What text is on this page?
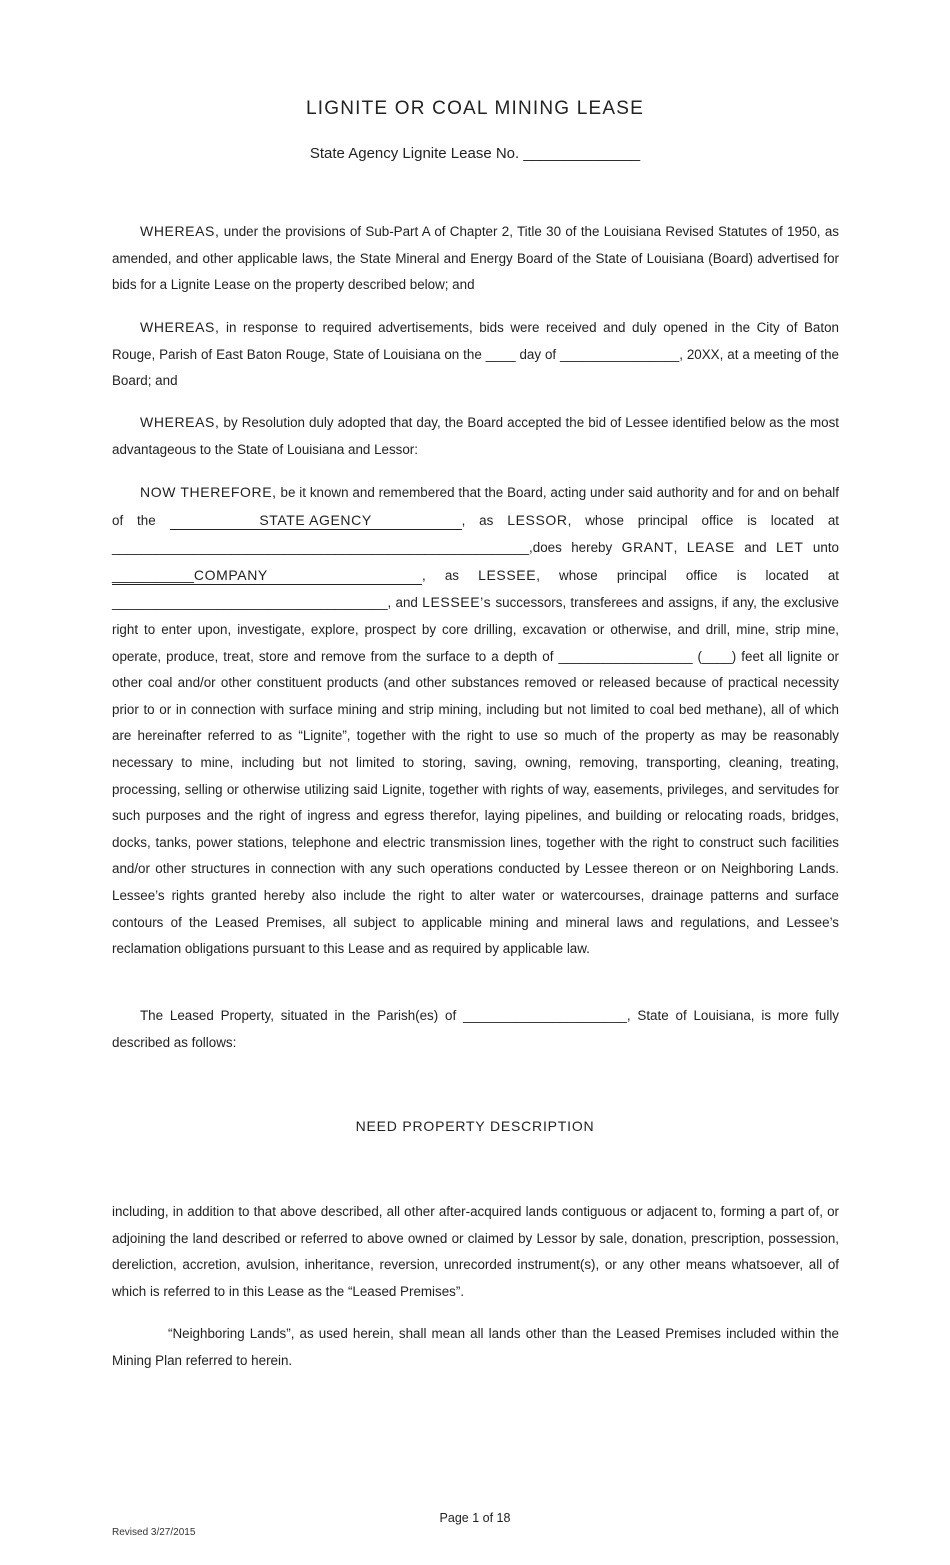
LIGNITE OR COAL MINING LEASE
State Agency Lignite Lease No. ______________

WHEREAS, under the provisions of Sub-Part A of Chapter 2, Title 30 of the Louisiana Revised Statutes of 1950, as amended, and other applicable laws, the State Mineral and Energy Board of the State of Louisiana (Board) advertised for bids for a Lignite Lease on the property described below; and

WHEREAS, in response to required advertisements, bids were received and duly opened in the City of Baton Rouge, Parish of East Baton Rouge, State of Louisiana on the ____ day of ________________, 20XX, at a meeting of the Board; and

WHEREAS, by Resolution duly adopted that day, the Board accepted the bid of Lessee identified below as the most advantageous to the State of Louisiana and Lessor:

NOW THEREFORE, be it known and remembered that the Board, acting under said authority and for and on behalf of the	STATE AGENCY	, as LESSOR, whose principal office is located at ________________________________________________________,does hereby GRANT, LEASE and LET unto ___________COMPANY	, as LESSEE, whose principal office is located at _____________________________________, and LESSEE’s successors, transferees and assigns, if any, the exclusive right to enter upon, investigate, explore, prospect by core drilling, excavation or otherwise, and drill, mine, strip mine, operate, produce, treat, store and remove from the surface to a depth of __________________ (____) feet all lignite or other coal and/or other constituent products (and other substances removed or released because of practical necessity prior to or in connection with surface mining and strip mining, including but not limited to coal bed methane), all of which are hereinafter referred to as “Lignite”, together with the right to use so much of the property as may be reasonably necessary to mine, including but not limited to storing, saving, owning, removing, transporting, cleaning, treating, processing, selling or otherwise utilizing said Lignite, together with rights of way, easements, privileges, and servitudes for such purposes and the right of ingress and egress therefor, laying pipelines, and building or relocating roads, bridges, docks, tanks, power stations, telephone and electric transmission lines, together with the right to construct such facilities and/or other structures in connection with any such operations conducted by Lessee thereon or on Neighboring Lands. Lessee’s rights granted hereby also include the right to alter water or watercourses, drainage patterns and surface contours of the Leased Premises, all subject to applicable mining and mineral laws and regulations, and Lessee’s reclamation obligations pursuant to this Lease and as required by applicable law.

The Leased Property, situated in the Parish(es) of ______________________, State of Louisiana, is more fully described as follows:

NEED PROPERTY DESCRIPTION

including, in addition to that above described, all other after-acquired lands contiguous or adjacent to, forming a part of, or adjoining the land described or referred to above owned or claimed by Lessor by sale, donation, prescription, possession, dereliction, accretion, avulsion, inheritance, reversion, unrecorded instrument(s), or any other means whatsoever, all of which is referred to in this Lease as the “Leased Premises”.

“Neighboring Lands”, as used herein, shall mean all lands other than the Leased Premises included within the Mining Plan referred to herein.

Page 1 of 18
Revised 3/27/2015
